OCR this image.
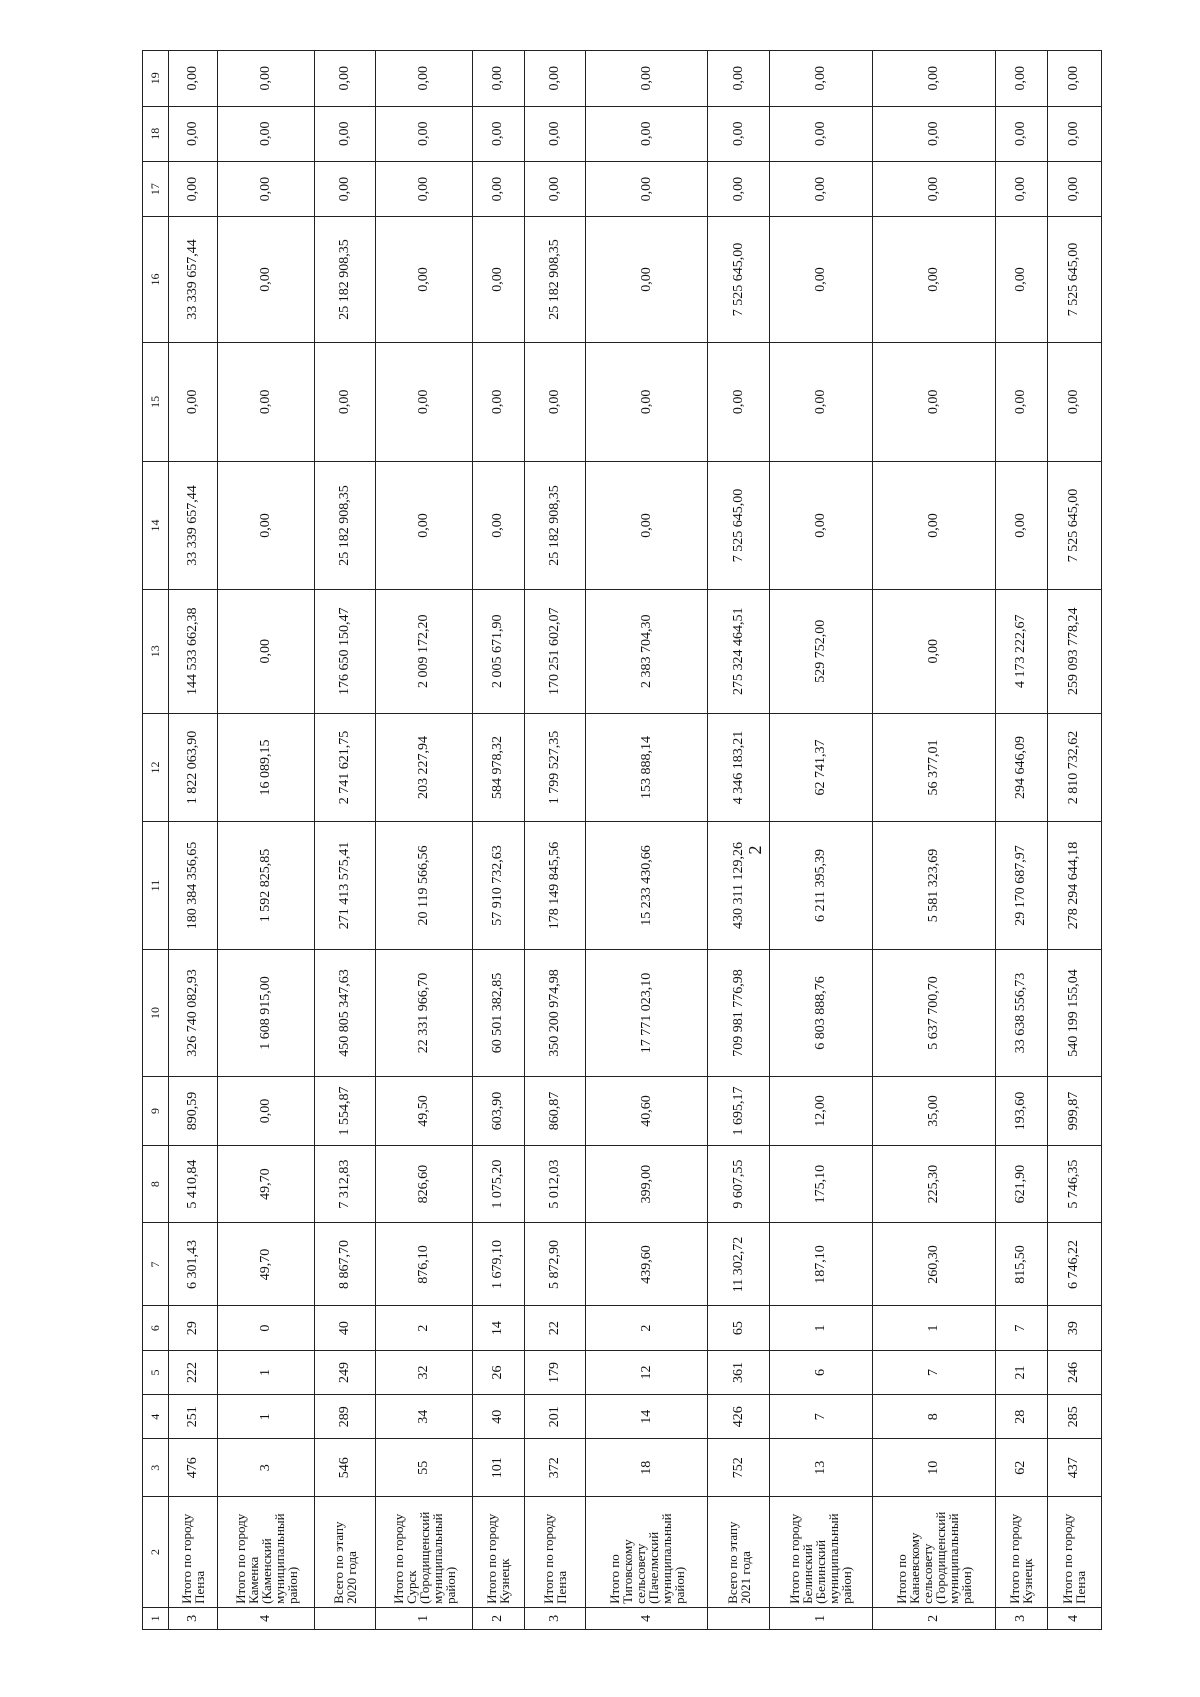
2
1	2	3	4	5	6	7	8	9	10	11	12	13	14	15	16	17	18	19
3	Итого по городу Пенза	476	251	222	29	6 301,43	5 410,84	890,59	326 740 082,93	180 384 356,65	1 822 063,90	144 533 662,38	33 339 657,44	0,00	33 339 657,44	0,00	0,00	0,00
4	Итого по городу Каменка (Каменский муниципальный район)	3	1	1	0	49,70	49,70	0,00	1 608 915,00	1 592 825,85	16 089,15	0,00	0,00	0,00	0,00	0,00	0,00	0,00
	Всего по этапу 2020 года	546	289	249	40	8 867,70	7 312,83	1 554,87	450 805 347,63	271 413 575,41	2 741 621,75	176 650 150,47	25 182 908,35	0,00	25 182 908,35	0,00	0,00	0,00
1	Итого по городу Сурск (Городищенский муниципальный район)	55	34	32	2	876,10	826,60	49,50	22 331 966,70	20 119 566,56	203 227,94	2 009 172,20	0,00	0,00	0,00	0,00	0,00	0,00
2	Итого по городу Кузнецк	101	40	26	14	1 679,10	1 075,20	603,90	60 501 382,85	57 910 732,63	584 978,32	2 005 671,90	0,00	0,00	0,00	0,00	0,00	0,00
3	Итого по городу Пенза	372	201	179	22	5 872,90	5 012,03	860,87	350 200 974,98	178 149 845,56	1 799 527,35	170 251 602,07	25 182 908,35	0,00	25 182 908,35	0,00	0,00	0,00
4	Итого по Тиговскому сельсовету (Пачелмский муниципальный район)	18	14	12	2	439,60	399,00	40,60	17 771 023,10	15 233 430,66	153 888,14	2 383 704,30	0,00	0,00	0,00	0,00	0,00	0,00
	Всего по этапу 2021 года	752	426	361	65	11 302,72	9 607,55	1 695,17	709 981 776,98	430 311 129,26	4 346 183,21	275 324 464,51	7 525 645,00	0,00	7 525 645,00	0,00	0,00	0,00
1	Итого по городу Белинский (Белинский муниципальный район)	13	7	6	1	187,10	175,10	12,00	6 803 888,76	6 211 395,39	62 741,37	529 752,00	0,00	0,00	0,00	0,00	0,00	0,00
2	Итого по Канаевскому сельсовету (Городищенский муниципальный район)	10	8	7	1	260,30	225,30	35,00	5 637 700,70	5 581 323,69	56 377,01	0,00	0,00	0,00	0,00	0,00	0,00	0,00
3	Итого по городу Кузнецк	62	28	21	7	815,50	621,90	193,60	33 638 556,73	29 170 687,97	294 646,09	4 173 222,67	0,00	0,00	0,00	0,00	0,00	0,00
4	Итого по городу Пенза	437	285	246	39	6 746,22	5 746,35	999,87	540 199 155,04	278 294 644,18	2 810 732,62	259 093 778,24	7 525 645,00	0,00	7 525 645,00	0,00	0,00	0,00
